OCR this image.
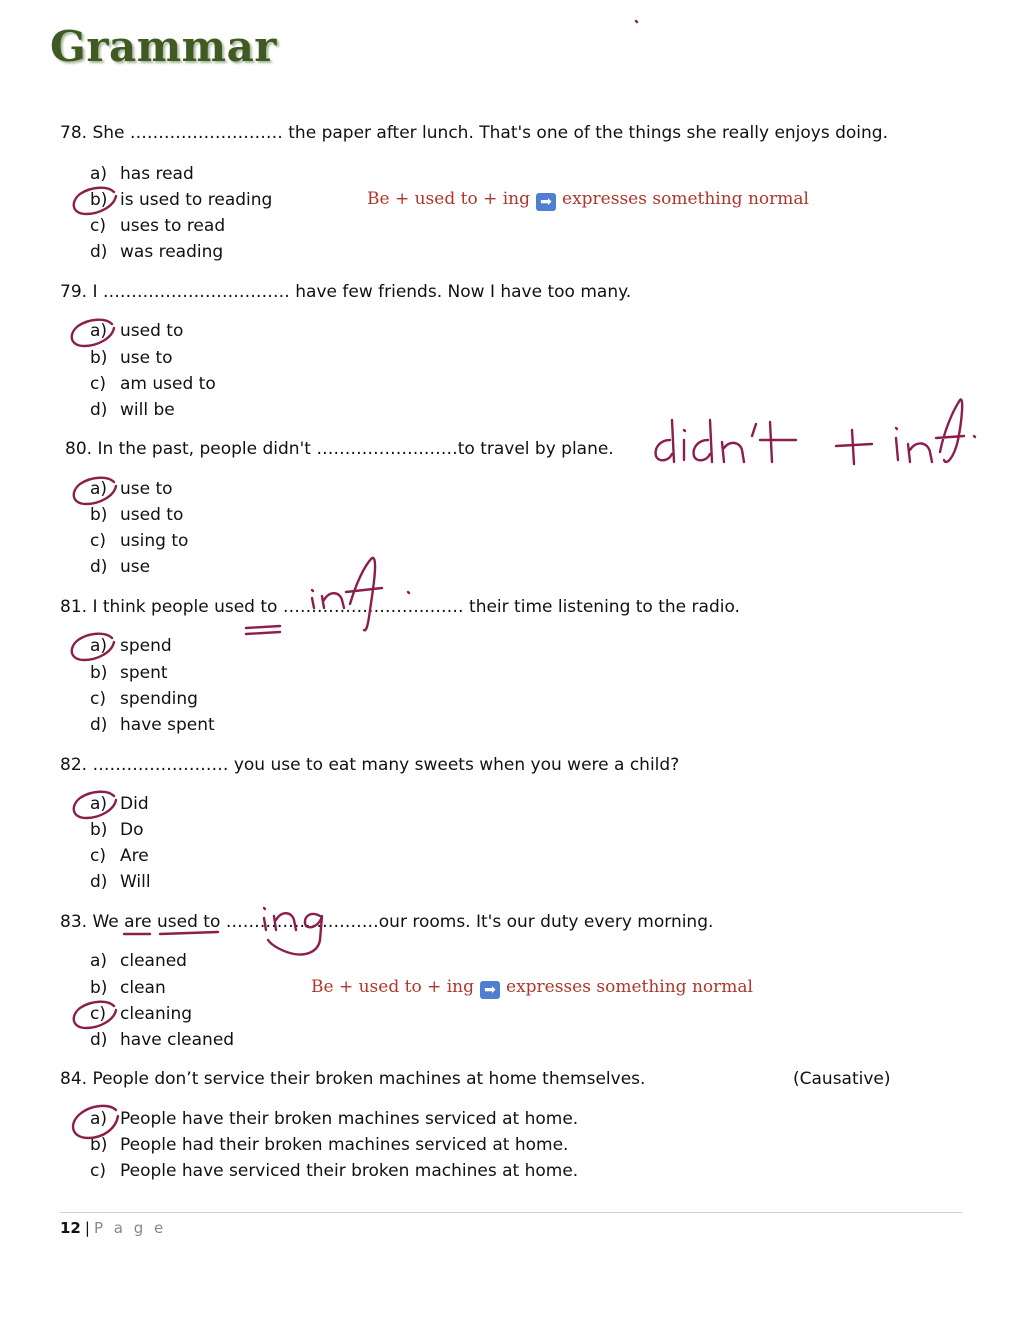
Grammar
78. She ……………………… the paper after lunch. That's one of the things she really enjoys doing.
a) has read
b) is used to reading
c) uses to read
d) was reading
Be + used to + ing ➡ expresses something normal
79. I …………………………… have few friends. Now I have too many.
a) used to
b) use to
c) am used to
d) will be
80. In the past, people didn't ……………….……to travel by plane.
a) use to
b) used to
c) using to
d) use
81. I think people used to ……………………..…… their time listening to the radio.
a) spend
b) spent
c) spending
d) have spent
82. …………………… you use to eat many sweets when you were a child?
a) Did
b) Do
c) Are
d) Will
83. We are used to ………………………our rooms. It's our duty every morning.
a) cleaned
b) clean
c) cleaning
d) have cleaned
Be + used to + ing ➡ expresses something normal
84. People don’t service their broken machines at home themselves.	(Causative)
a) People have their broken machines serviced at home.
b) People had their broken machines serviced at home.
c) People have serviced their broken machines at home.
12 | P a g e
